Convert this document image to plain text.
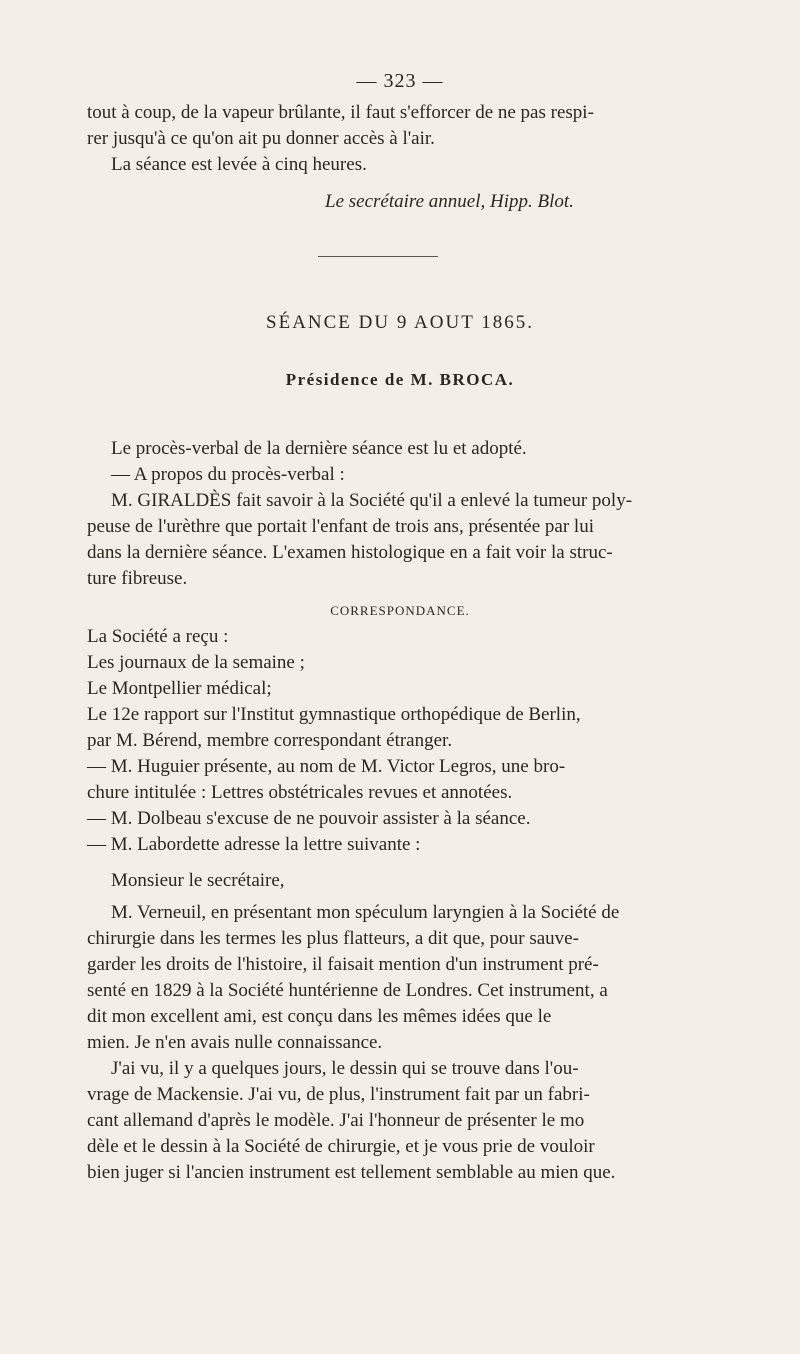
— 323 —
tout à coup, de la vapeur brûlante, il faut s'efforcer de ne pas respi-
rer jusqu'à ce qu'on ait pu donner accès à l'air.
La séance est levée à cinq heures.
Le secrétaire annuel, Hipp. Blot.
SÉANCE DU 9 AOUT 1865.
Présidence de M. BROCA.
Le procès-verbal de la dernière séance est lu et adopté.
— A propos du procès-verbal :
M. GIRALDÈS fait savoir à la Société qu'il a enlevé la tumeur poly-
peuse de l'urèthre que portait l'enfant de trois ans, présentée par lui
dans la dernière séance. L'examen histologique en a fait voir la struc-
ture fibreuse.
CORRESPONDANCE.
La Société a reçu :
Les journaux de la semaine ;
Le Montpellier médical;
Le 12e rapport sur l'Institut gymnastique orthopédique de Berlin,
par M. Bérend, membre correspondant étranger.
— M. Huguier présente, au nom de M. Victor Legros, une bro-
chure intitulée : Lettres obstétricales revues et annotées.
— M. Dolbeau s'excuse de ne pouvoir assister à la séance.
— M. Labordette adresse la lettre suivante :
Monsieur le secrétaire,
M. Verneuil, en présentant mon spéculum laryngien à la Société de
chirurgie dans les termes les plus flatteurs, a dit que, pour sauve-
garder les droits de l'histoire, il faisait mention d'un instrument pré-
senté en 1829 à la Société huntérienne de Londres. Cet instrument, a
dit mon excellent ami, est conçu dans les mêmes idées que le
mien. Je n'en avais nulle connaissance.
J'ai vu, il y a quelques jours, le dessin qui se trouve dans l'ou-
vrage de Mackensie. J'ai vu, de plus, l'instrument fait par un fabri-
cant allemand d'après le modèle. J'ai l'honneur de présenter le mo
dèle et le dessin à la Société de chirurgie, et je vous prie de vouloir
bien juger si l'ancien instrument est tellement semblable au mien que.
